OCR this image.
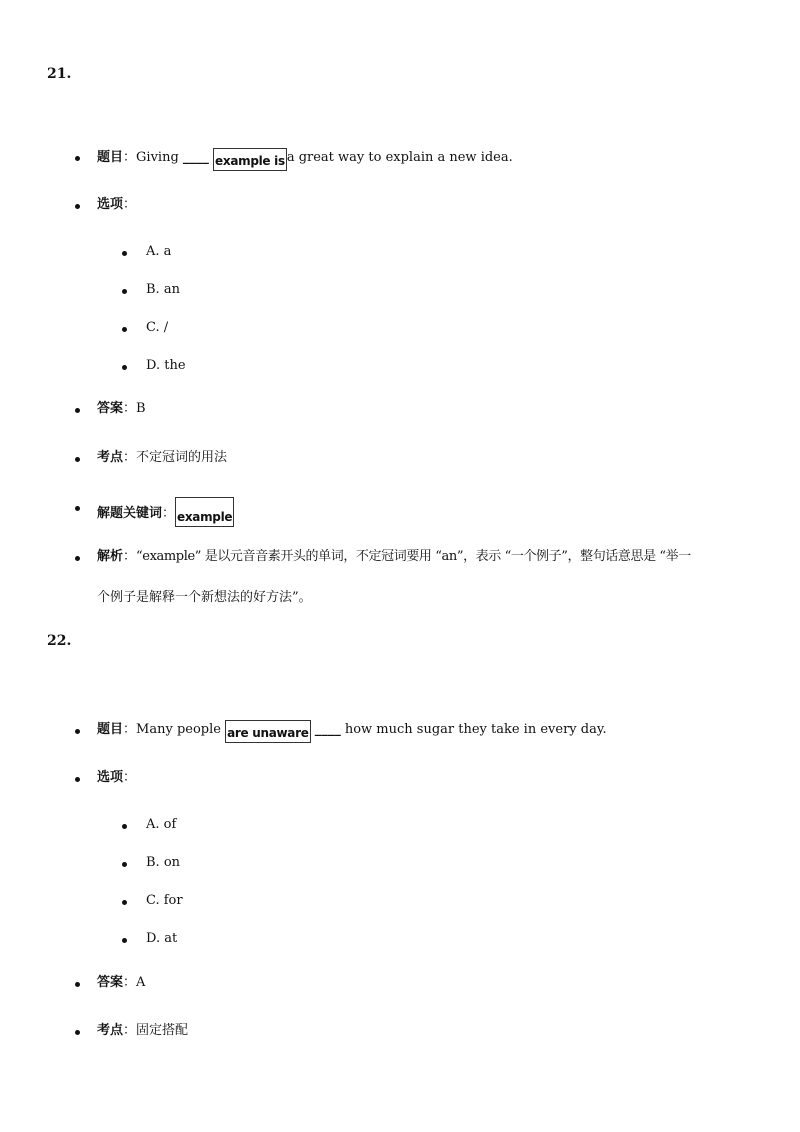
21.
题目：Giving ____ example is a great way to explain a new idea.
选项：
A. a
B. an
C. /
D. the
答案：B
考点：不定冠词的用法
解题关键词： example
解析：“example” 是以元音音素开头的单词，不定冠词要用 “an”，表示 “一个例子”，整句话意思是 “举一
个例子是解释一个新想法的好方法”。
22.
题目：Many people are unaware ____ how much sugar they take in every day.
选项：
A. of
B. on
C. for
D. at
答案：A
考点：固定搭配
